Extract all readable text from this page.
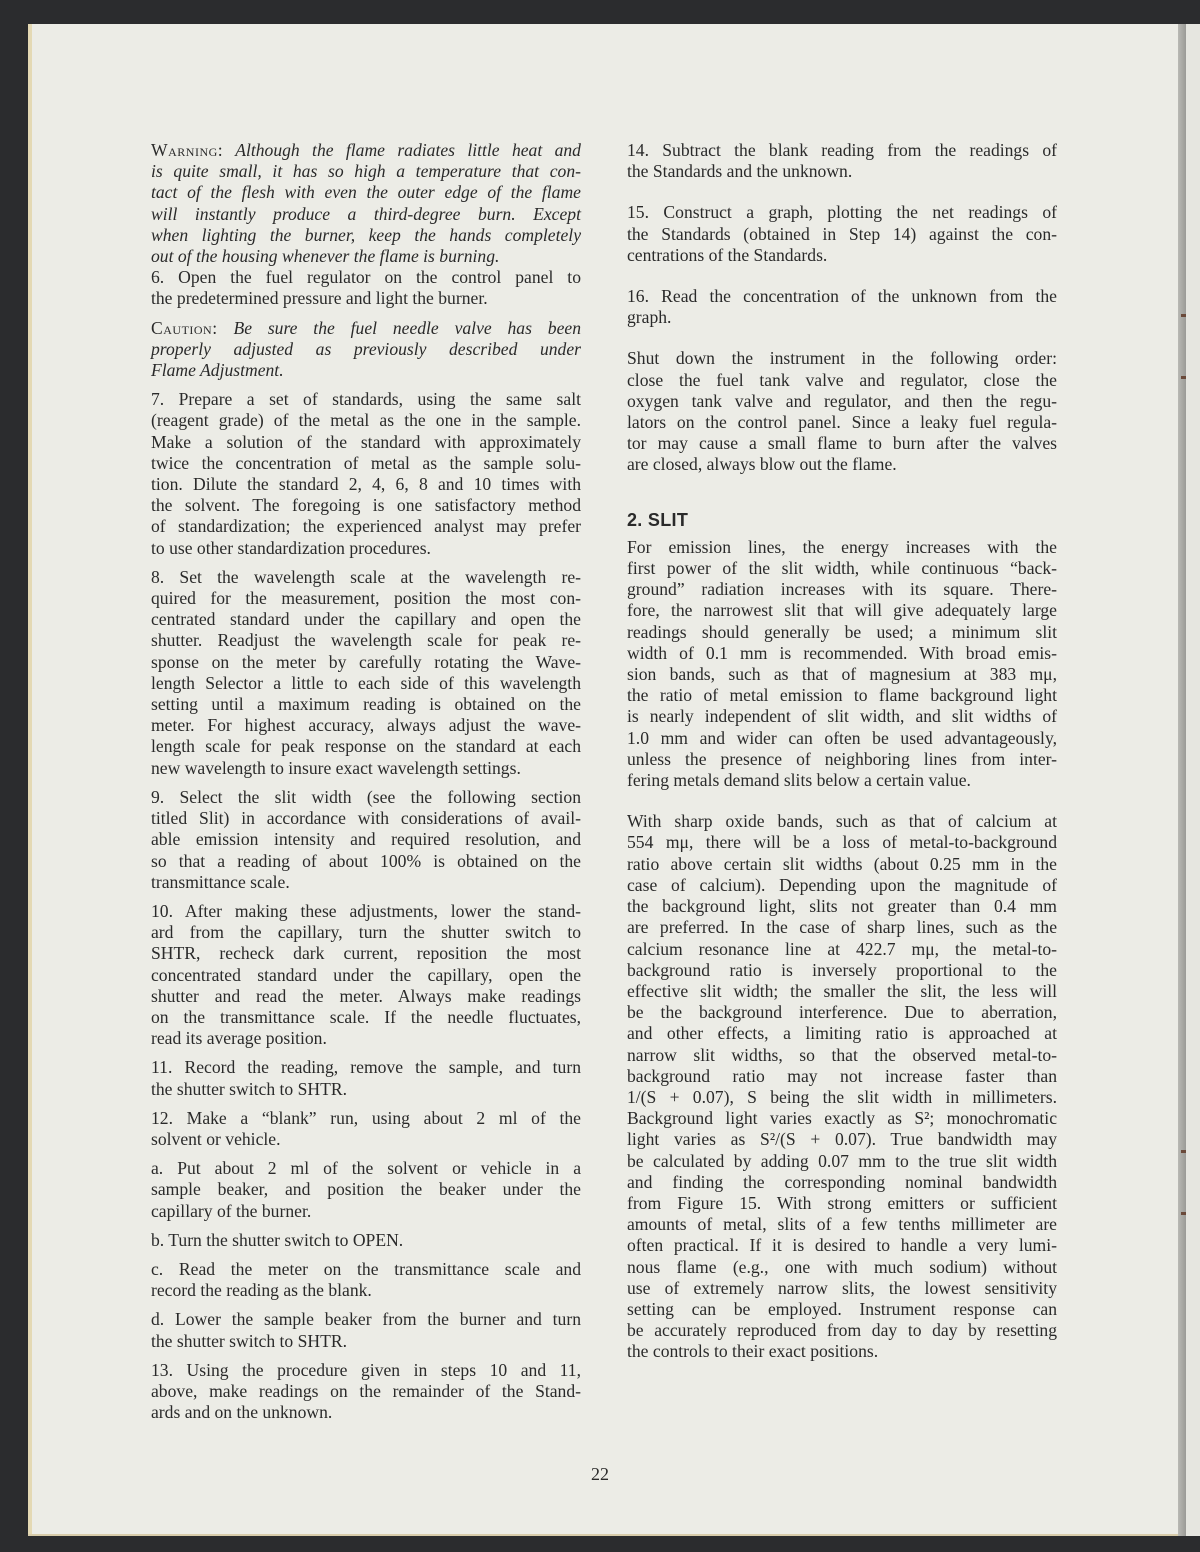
Warning: Although the flame radiates little heat and
is quite small, it has so high a temperature that con-
tact of the flesh with even the outer edge of the flame
will instantly produce a third-degree burn. Except
when lighting the burner, keep the hands completely
out of the housing whenever the flame is burning.
6. Open the fuel regulator on the control panel to
the predetermined pressure and light the burner.
Caution: Be sure the fuel needle valve has been
properly adjusted as previously described under
Flame Adjustment.
7. Prepare a set of standards, using the same salt
(reagent grade) of the metal as the one in the sample.
Make a solution of the standard with approximately
twice the concentration of metal as the sample solu-
tion. Dilute the standard 2, 4, 6, 8 and 10 times with
the solvent. The foregoing is one satisfactory method
of standardization; the experienced analyst may prefer
to use other standardization procedures.
8. Set the wavelength scale at the wavelength re-
quired for the measurement, position the most con-
centrated standard under the capillary and open the
shutter. Readjust the wavelength scale for peak re-
sponse on the meter by carefully rotating the Wave-
length Selector a little to each side of this wavelength
setting until a maximum reading is obtained on the
meter. For highest accuracy, always adjust the wave-
length scale for peak response on the standard at each
new wavelength to insure exact wavelength settings.
9. Select the slit width (see the following section
titled Slit) in accordance with considerations of avail-
able emission intensity and required resolution, and
so that a reading of about 100% is obtained on the
transmittance scale.
10. After making these adjustments, lower the stand-
ard from the capillary, turn the shutter switch to
SHTR, recheck dark current, reposition the most
concentrated standard under the capillary, open the
shutter and read the meter. Always make readings
on the transmittance scale. If the needle fluctuates,
read its average position.
11. Record the reading, remove the sample, and turn
the shutter switch to SHTR.
12. Make a “blank” run, using about 2 ml of the
solvent or vehicle.
a. Put about 2 ml of the solvent or vehicle in a
sample beaker, and position the beaker under the
capillary of the burner.
b. Turn the shutter switch to OPEN.
c. Read the meter on the transmittance scale and
record the reading as the blank.
d. Lower the sample beaker from the burner and turn
the shutter switch to SHTR.
13. Using the procedure given in steps 10 and 11,
above, make readings on the remainder of the Stand-
ards and on the unknown.
14. Subtract the blank reading from the readings of
the Standards and the unknown.
15. Construct a graph, plotting the net readings of
the Standards (obtained in Step 14) against the con-
centrations of the Standards.
16. Read the concentration of the unknown from the
graph.
Shut down the instrument in the following order:
close the fuel tank valve and regulator, close the
oxygen tank valve and regulator, and then the regu-
lators on the control panel. Since a leaky fuel regula-
tor may cause a small flame to burn after the valves
are closed, always blow out the flame.
2. SLIT
For emission lines, the energy increases with the
first power of the slit width, while continuous “back-
ground” radiation increases with its square. There-
fore, the narrowest slit that will give adequately large
readings should generally be used; a minimum slit
width of 0.1 mm is recommended. With broad emis-
sion bands, such as that of magnesium at 383 mμ,
the ratio of metal emission to flame background light
is nearly independent of slit width, and slit widths of
1.0 mm and wider can often be used advantageously,
unless the presence of neighboring lines from inter-
fering metals demand slits below a certain value.
With sharp oxide bands, such as that of calcium at
554 mμ, there will be a loss of metal-to-background
ratio above certain slit widths (about 0.25 mm in the
case of calcium). Depending upon the magnitude of
the background light, slits not greater than 0.4 mm
are preferred. In the case of sharp lines, such as the
calcium resonance line at 422.7 mμ, the metal-to-
background ratio is inversely proportional to the
effective slit width; the smaller the slit, the less will
be the background interference. Due to aberration,
and other effects, a limiting ratio is approached at
narrow slit widths, so that the observed metal-to-
background ratio may not increase faster than
1/(S + 0.07), S being the slit width in millimeters.
Background light varies exactly as S²; monochromatic
light varies as S²/(S + 0.07). True bandwidth may
be calculated by adding 0.07 mm to the true slit width
and finding the corresponding nominal bandwidth
from Figure 15. With strong emitters or sufficient
amounts of metal, slits of a few tenths millimeter are
often practical. If it is desired to handle a very lumi-
nous flame (e.g., one with much sodium) without
use of extremely narrow slits, the lowest sensitivity
setting can be employed. Instrument response can
be accurately reproduced from day to day by resetting
the controls to their exact positions.
22
